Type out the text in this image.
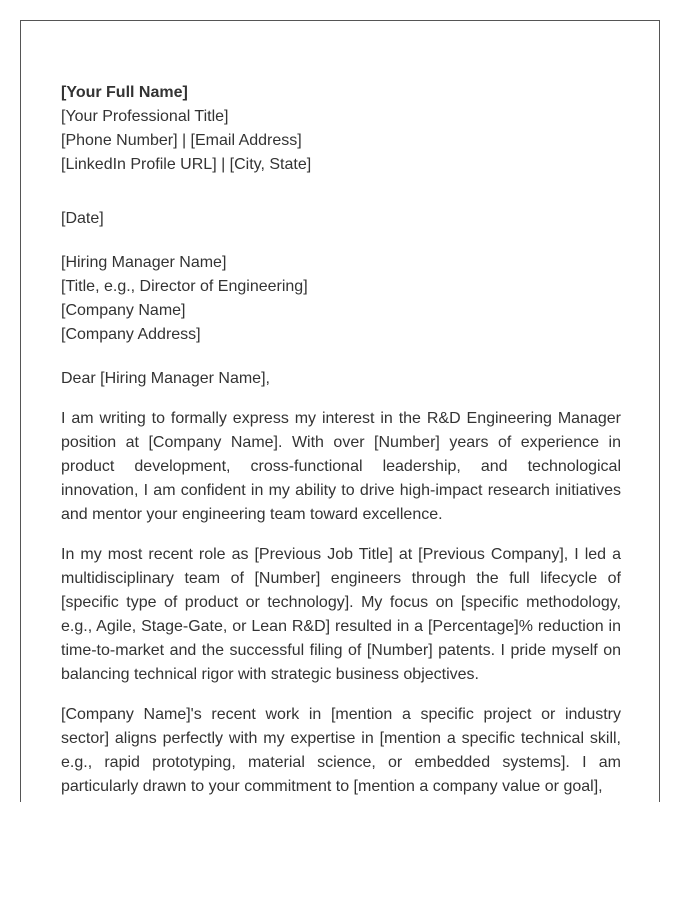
[Your Full Name]
[Your Professional Title]
[Phone Number] | [Email Address]
[LinkedIn Profile URL] | [City, State]
[Date]
[Hiring Manager Name]
[Title, e.g., Director of Engineering]
[Company Name]
[Company Address]

Dear [Hiring Manager Name],

I am writing to formally express my interest in the R&D Engineering Manager position at [Company Name]. With over [Number] years of experience in product development, cross-functional leadership, and technological innovation, I am confident in my ability to drive high-impact research initiatives and mentor your engineering team toward excellence.

In my most recent role as [Previous Job Title] at [Previous Company], I led a multidisciplinary team of [Number] engineers through the full lifecycle of [specific type of product or technology]. My focus on [specific methodology, e.g., Agile, Stage-Gate, or Lean R&D] resulted in a [Percentage]% reduction in time-to-market and the successful filing of [Number] patents. I pride myself on balancing technical rigor with strategic business objectives.

[Company Name]'s recent work in [mention a specific project or industry sector] aligns perfectly with my expertise in [mention a specific technical skill, e.g., rapid prototyping, material science, or embedded systems]. I am particularly drawn to your commitment to [mention a company value or goal],
